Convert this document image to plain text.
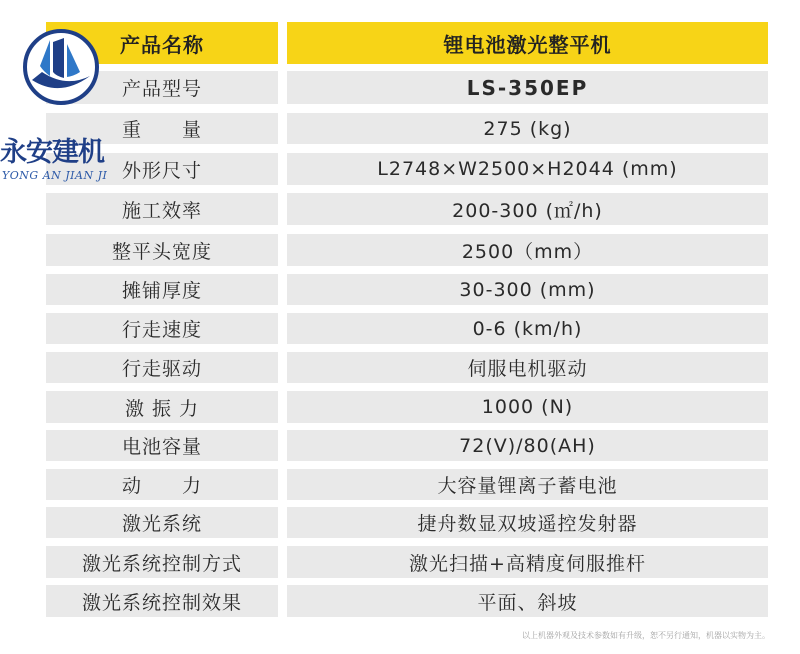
产品名称	锂电池激光整平机
产品型号	LS-350EP
重　　量	275 (kg)
外形尺寸	L2748×W2500×H2044 (mm)
施工效率	200-300 (㎡/h)
整平头宽度	2500（mm）
摊铺厚度	30-300 (mm)
行走速度	0-6 (km/h)
行走驱动	伺服电机驱动
激 振 力	1000 (N)
电池容量	72(V)/80(AH)
动　　力	大容量锂离子蓄电池
激光系统	捷舟数显双坡遥控发射器
激光系统控制方式	激光扫描+高精度伺服推杆
激光系统控制效果	平面、斜坡
永安建机
YONG AN JIAN JI
以上机器外观及技术参数如有升级，恕不另行通知，机器以实物为主。
